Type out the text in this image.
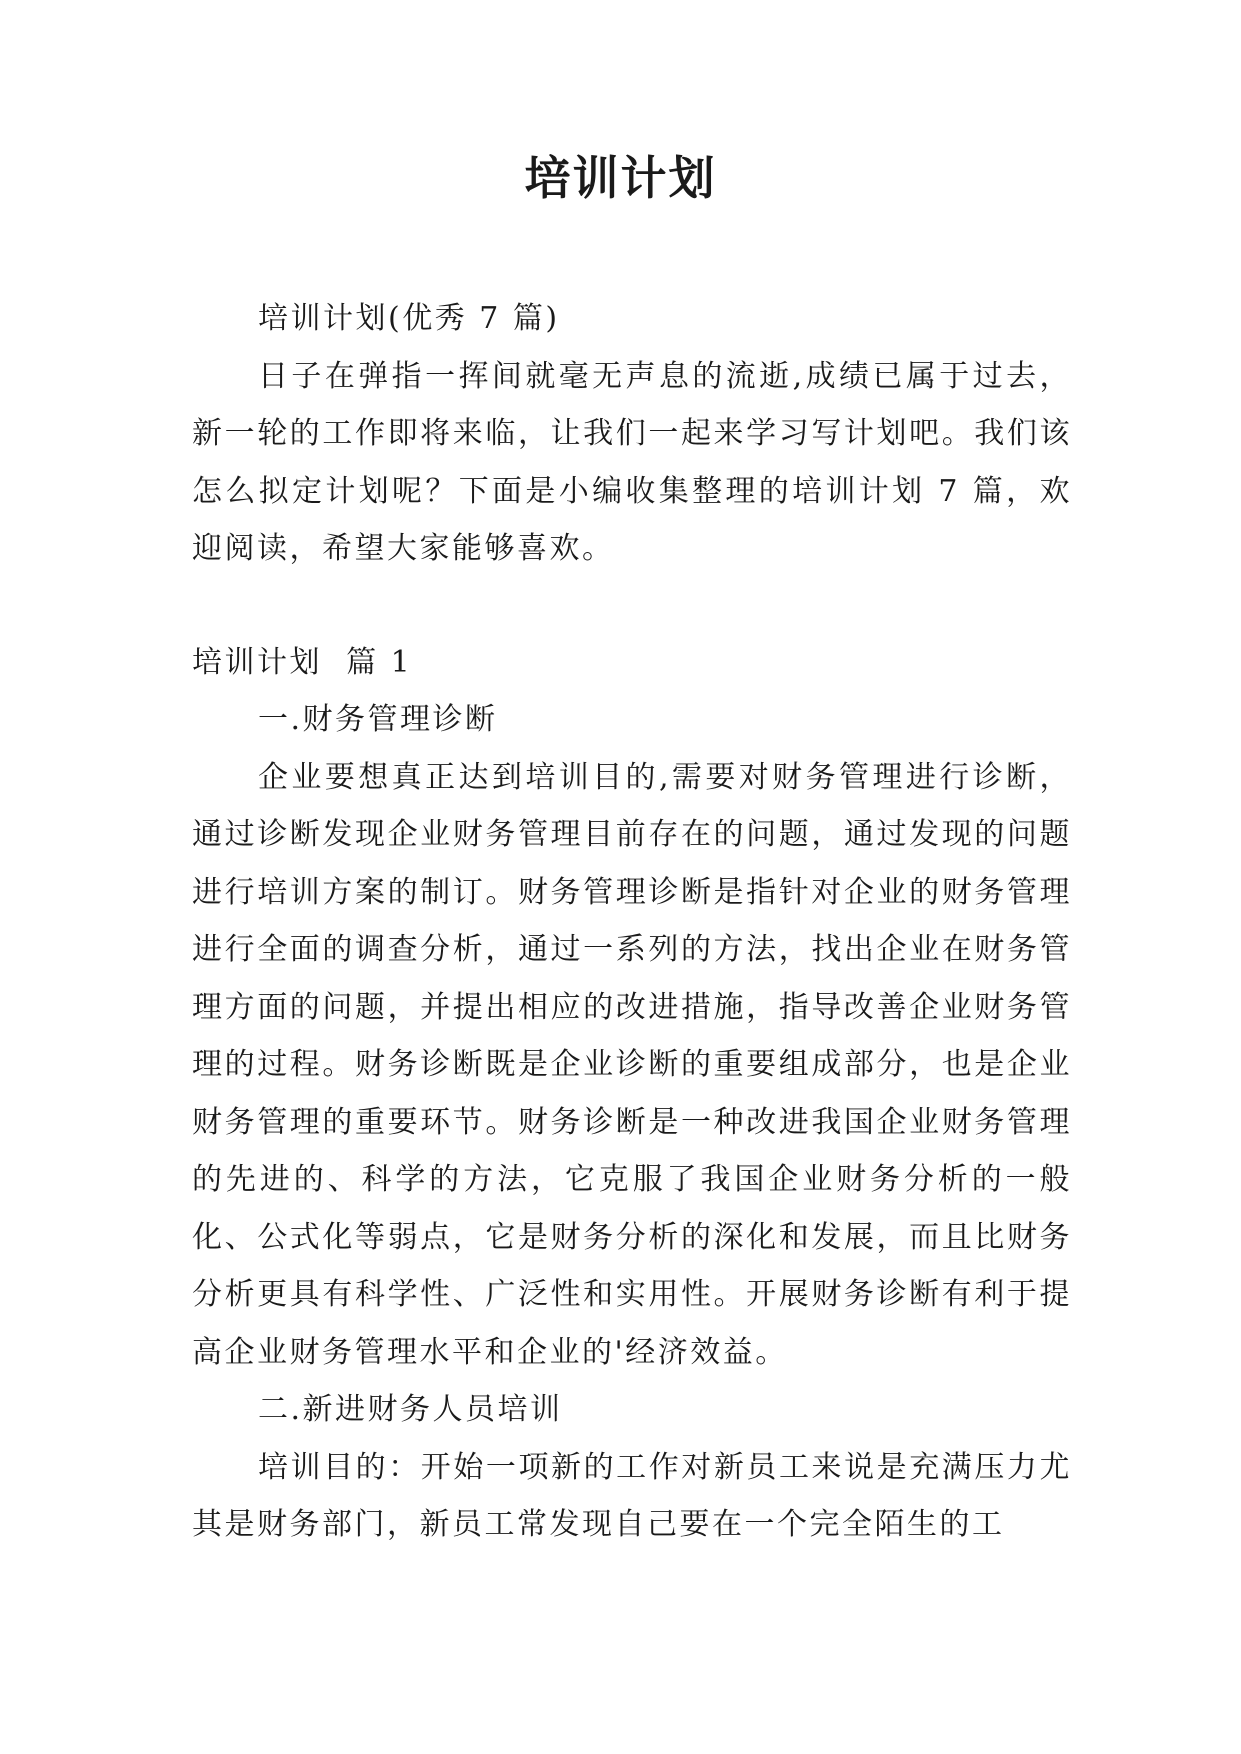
培训计划

培训计划(优秀 7 篇)

日子在弹指一挥间就毫无声息的流逝,成绩已属于过去，新一轮的工作即将来临，让我们一起来学习写计划吧。我们该怎么拟定计划呢？下面是小编收集整理的培训计划 7 篇，欢迎阅读，希望大家能够喜欢。

培训计划  篇 1

一.财务管理诊断

企业要想真正达到培训目的,需要对财务管理进行诊断，通过诊断发现企业财务管理目前存在的问题，通过发现的问题进行培训方案的制订。财务管理诊断是指针对企业的财务管理进行全面的调查分析，通过一系列的方法，找出企业在财务管理方面的问题，并提出相应的改进措施，指导改善企业财务管理的过程。财务诊断既是企业诊断的重要组成部分，也是企业财务管理的重要环节。财务诊断是一种改进我国企业财务管理的先进的、科学的方法，它克服了我国企业财务分析的一般化、公式化等弱点，它是财务分析的深化和发展，而且比财务分析更具有科学性、广泛性和实用性。开展财务诊断有利于提高企业财务管理水平和企业的'经济效益。

二.新进财务人员培训

培训目的：开始一项新的工作对新员工来说是充满压力尤其是财务部门，新员工常发现自己要在一个完全陌生的工
